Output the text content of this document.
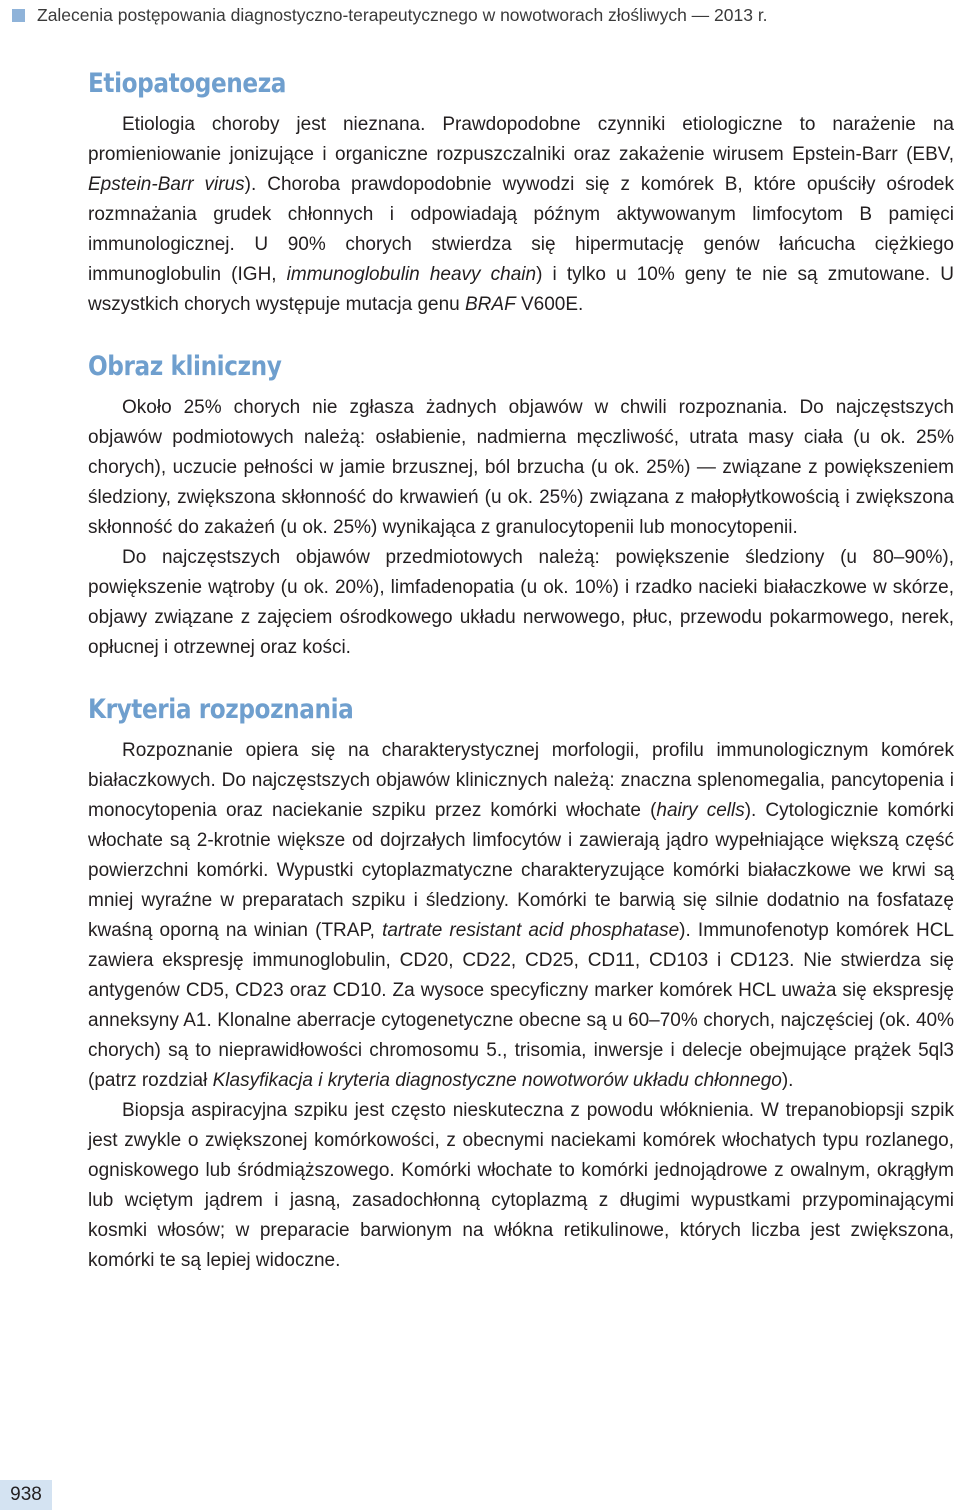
Zalecenia postępowania diagnostyczno-terapeutycznego w nowotworach złośliwych — 2013 r.
Etiopatogeneza

Etiologia choroby jest nieznana. Prawdopodobne czynniki etiologiczne to narażenie na promieniowanie jonizujące i organiczne rozpuszczalniki oraz zakażenie wirusem Epstein-Barr (EBV, Epstein-Barr virus). Choroba prawdopodobnie wywodzi się z komórek B, które opuściły ośrodek rozmnażania grudek chłonnych i odpowiadają późnym aktywowanym limfocytom B pamięci immunologicznej. U 90% chorych stwierdza się hipermutację genów łańcucha ciężkiego immunoglobulin (IGH, immunoglobulin heavy chain) i tylko u 10% geny te nie są zmutowane. U wszystkich chorych występuje mutacja genu BRAF V600E.

Obraz kliniczny

Około 25% chorych nie zgłasza żadnych objawów w chwili rozpoznania. Do najczęstszych objawów podmiotowych należą: osłabienie, nadmierna męczliwość, utrata masy ciała (u ok. 25% chorych), uczucie pełności w jamie brzusznej, ból brzucha (u ok. 25%) — związane z powiększeniem śledziony, zwiększona skłonność do krwawień (u ok. 25%) związana z małopłytkowością i zwiększona skłonność do zakażeń (u ok. 25%) wynikająca z granulocytopenii lub monocytopenii.

Do najczęstszych objawów przedmiotowych należą: powiększenie śledziony (u 80–90%), powiększenie wątroby (u ok. 20%), limfadenopatia (u ok. 10%) i rzadko nacieki białaczkowe w skórze, objawy związane z zajęciem ośrodkowego układu nerwowego, płuc, przewodu pokarmowego, nerek, opłucnej i otrzewnej oraz kości.

Kryteria rozpoznania

Rozpoznanie opiera się na charakterystycznej morfologii, profilu immunologicznym komórek białaczkowych. Do najczęstszych objawów klinicznych należą: znaczna splenomegalia, pancytopenia i monocytopenia oraz naciekanie szpiku przez komórki włochate (hairy cells). Cytologicznie komórki włochate są 2-krotnie większe od dojrzałych limfocytów i zawierają jądro wypełniające większą część powierzchni komórki. Wypustki cytoplazmatyczne charakteryzujące komórki białaczkowe we krwi są mniej wyraźne w preparatach szpiku i śledziony. Komórki te barwią się silnie dodatnio na fosfatazę kwaśną oporną na winian (TRAP, tartrate resistant acid phosphatase). Immunofenotyp komórek HCL zawiera ekspresję immunoglobulin, CD20, CD22, CD25, CD11, CD103 i CD123. Nie stwierdza się antygenów CD5, CD23 oraz CD10. Za wysoce specyficzny marker komórek HCL uważa się ekspresję anneksyny A1. Klonalne aberracje cytogenetyczne obecne są u 60–70% chorych, najczęściej (ok. 40% chorych) są to nieprawidłowości chromosomu 5., trisomia, inwersje i delecje obejmujące prążek 5ql3 (patrz rozdział Klasyfikacja i kryteria diagnostyczne nowotworów układu chłonnego).

Biopsja aspiracyjna szpiku jest często nieskuteczna z powodu włóknienia. W trepanobiopsji szpik jest zwykle o zwiększonej komórkowości, z obecnymi naciekami komórek włochatych typu rozlanego, ogniskowego lub śródmiąższowego. Komórki włochate to komórki jednojądrowe z owalnym, okrągłym lub wciętym jądrem i jasną, zasadochłonną cytoplazmą z długimi wypustkami przypominającymi kosmki włosów; w preparacie barwionym na włókna retikulinowe, których liczba jest zwiększona, komórki te są lepiej widoczne.

938
